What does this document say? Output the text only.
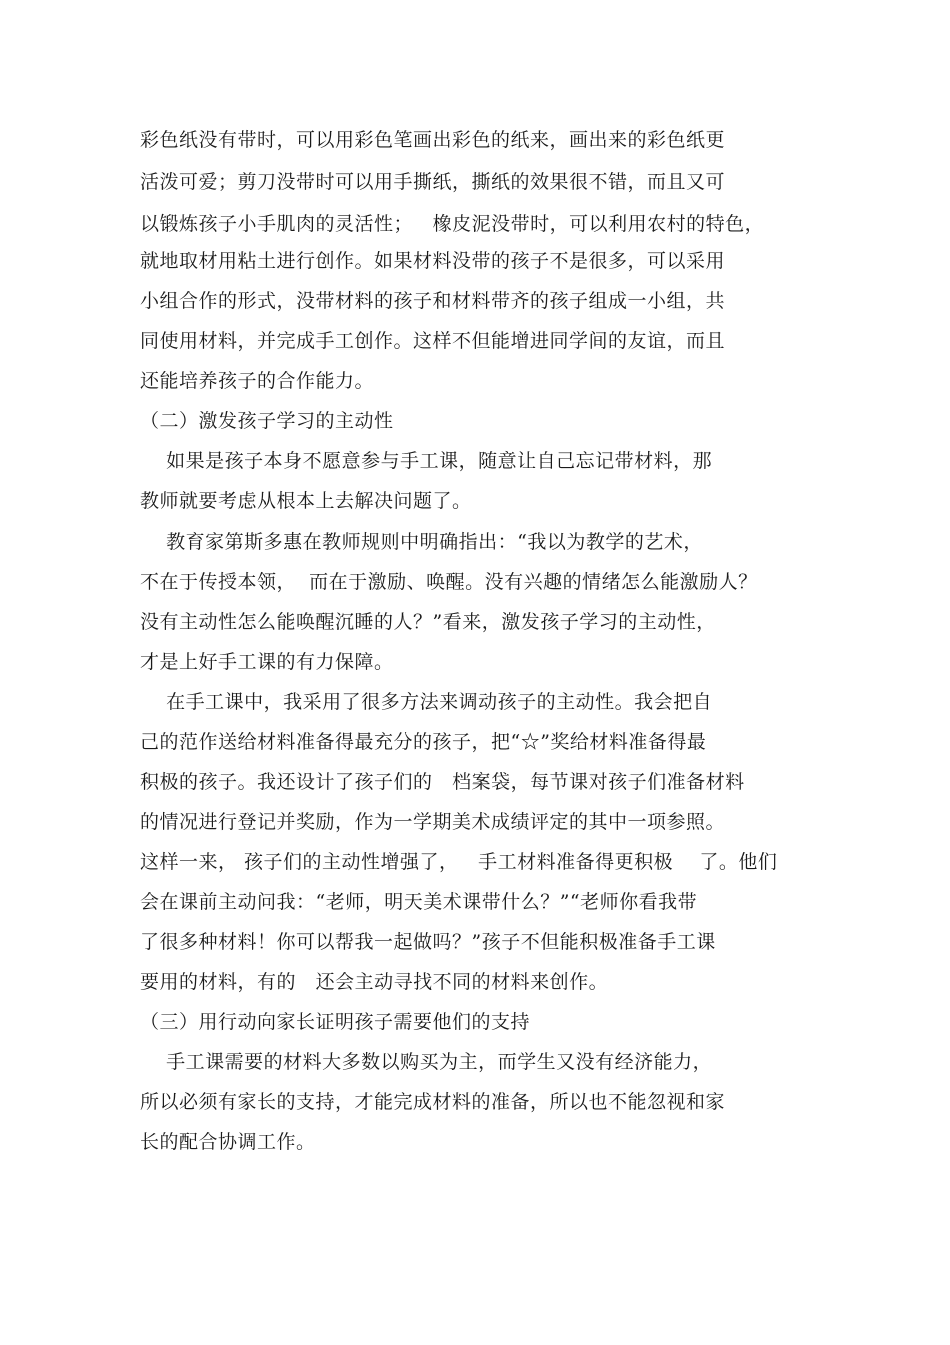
彩色纸没有带时，可以用彩色笔画出彩色的纸来，画出来的彩色纸更
活泼可爱；剪刀没带时可以用手撕纸，撕纸的效果很不错，而且又可
以锻炼孩子小手肌肉的灵活性；   橡皮泥没带时，可以利用农村的特色，
就地取材用粘土进行创作。如果材料没带的孩子不是很多，可以采用
小组合作的形式，没带材料的孩子和材料带齐的孩子组成一小组，共
同使用材料，并完成手工创作。这样不但能增进同学间的友谊，而且
还能培养孩子的合作能力。
（二）激发孩子学习的主动性
如果是孩子本身不愿意参与手工课，随意让自己忘记带材料，那
教师就要考虑从根本上去解决问题了。
教育家第斯多惠在教师规则中明确指出：“我以为教学的艺术，
不在于传授本领，  而在于激励、唤醒。没有兴趣的情绪怎么能激励人？
没有主动性怎么能唤醒沉睡的人？”看来，激发孩子学习的主动性，
才是上好手工课的有力保障。
在手工课中，我采用了很多方法来调动孩子的主动性。我会把自
己的范作送给材料准备得最充分的孩子，把“☆”奖给材料准备得最
积极的孩子。我还设计了孩子们的   档案袋，每节课对孩子们准备材料
的情况进行登记并奖励，作为一学期美术成绩评定的其中一项参照。
这样一来， 孩子们的主动性增强了，   手工材料准备得更积极    了。他们
会在课前主动问我：“老师，明天美术课带什么？”“老师你看我带
了很多种材料！你可以帮我一起做吗？”孩子不但能积极准备手工课
要用的材料，有的   还会主动寻找不同的材料来创作。
（三）用行动向家长证明孩子需要他们的支持
手工课需要的材料大多数以购买为主，而学生又没有经济能力，
所以必须有家长的支持，才能完成材料的准备，所以也不能忽视和家
长的配合协调工作。
